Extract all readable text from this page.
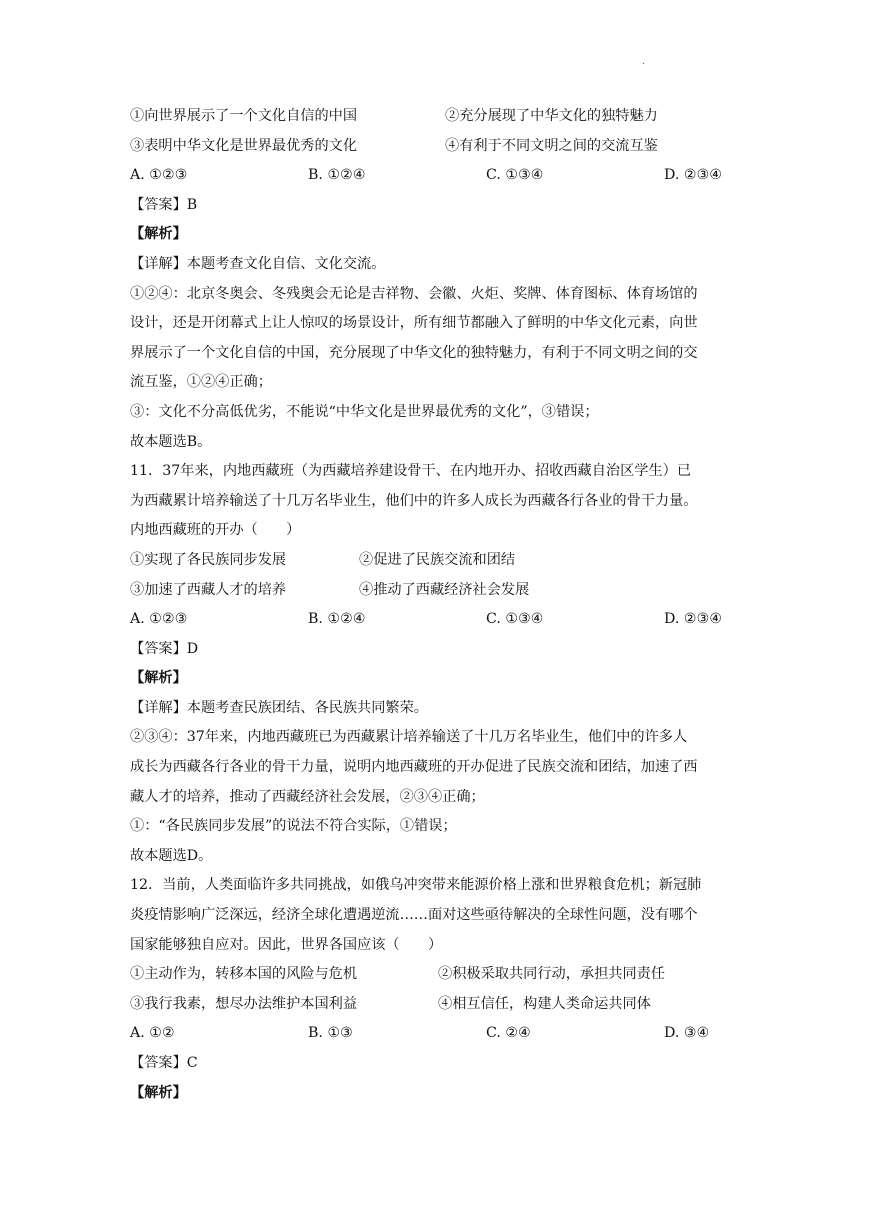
.
①向世界展示了一个文化自信的中国	②充分展现了中华文化的独特魅力
③表明中华文化是世界最优秀的文化	④有利于不同文明之间的交流互鉴
A. ①②③	B. ①②④	C. ①③④	D. ②③④
【答案】B
【解析】
【详解】本题考查文化自信、文化交流。
①②④：北京冬奥会、冬残奥会无论是吉祥物、会徽、火炬、奖牌、体育图标、体育场馆的
设计，还是开闭幕式上让人惊叹的场景设计，所有细节都融入了鲜明的中华文化元素，向世
界展示了一个文化自信的中国，充分展现了中华文化的独特魅力，有利于不同文明之间的交
流互鉴，①②④正确；
③：文化不分高低优劣，不能说“中华文化是世界最优秀的文化”，③错误；
故本题选B。
11．37年来，内地西藏班（为西藏培养建设骨干、在内地开办、招收西藏自治区学生）已
为西藏累计培养输送了十几万名毕业生，他们中的许多人成长为西藏各行各业的骨干力量。
内地西藏班的开办（　　）
①实现了各民族同步发展	②促进了民族交流和团结
③加速了西藏人才的培养	④推动了西藏经济社会发展
A. ①②③	B. ①②④	C. ①③④	D. ②③④
【答案】D
【解析】
【详解】本题考查民族团结、各民族共同繁荣。
②③④：37年来，内地西藏班已为西藏累计培养输送了十几万名毕业生，他们中的许多人
成长为西藏各行各业的骨干力量，说明内地西藏班的开办促进了民族交流和团结，加速了西
藏人才的培养，推动了西藏经济社会发展，②③④正确；
①：“各民族同步发展”的说法不符合实际，①错误；
故本题选D。
12．当前，人类面临许多共同挑战，如俄乌冲突带来能源价格上涨和世界粮食危机；新冠肺
炎疫情影响广泛深远，经济全球化遭遇逆流……面对这些亟待解决的全球性问题，没有哪个
国家能够独自应对。因此，世界各国应该（　　）
①主动作为，转移本国的风险与危机	②积极采取共同行动，承担共同责任
③我行我素，想尽办法维护本国利益	④相互信任，构建人类命运共同体
A. ①②	B. ①③	C. ②④	D. ③④
【答案】C
【解析】
